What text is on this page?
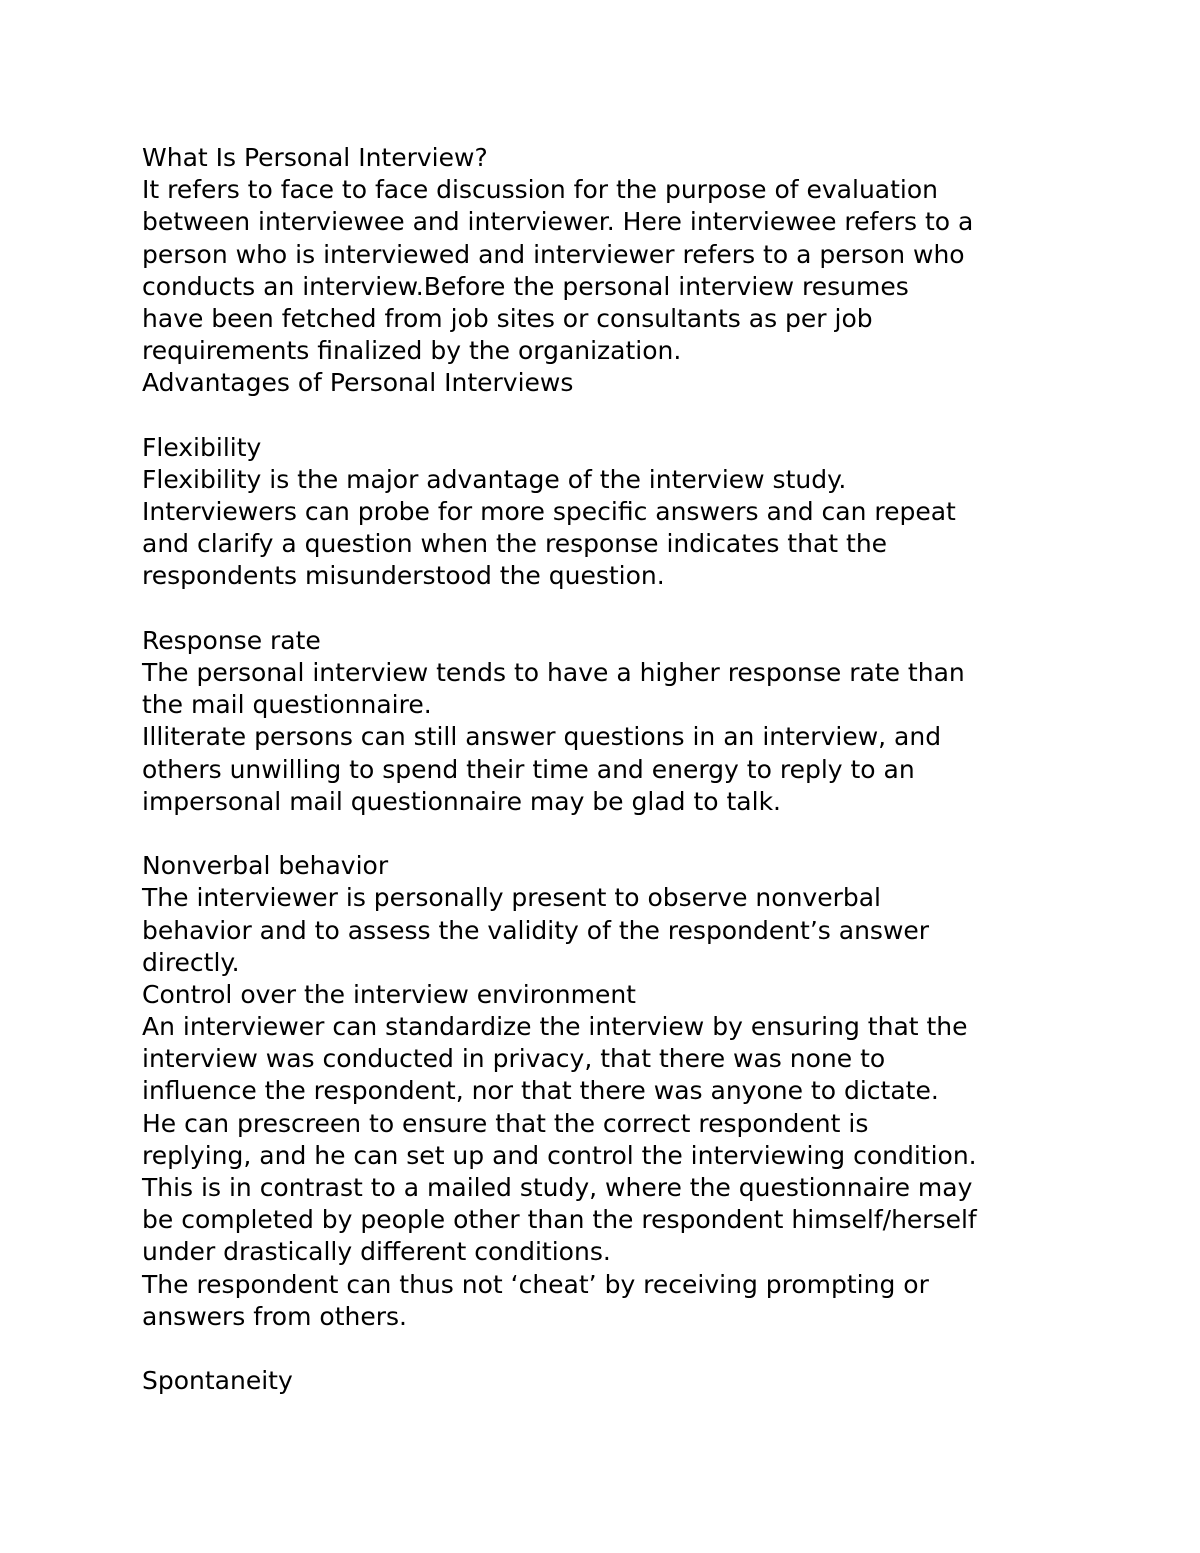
What Is Personal Interview?
It refers to face to face discussion for the purpose of evaluation
between interviewee and interviewer. Here interviewee refers to a
person who is interviewed and interviewer refers to a person who
conducts an interview.Before the personal interview resumes
have been fetched from job sites or consultants as per job
requirements finalized by the organization.
Advantages of Personal Interviews
Flexibility
Flexibility is the major advantage of the interview study.
Interviewers can probe for more specific answers and can repeat
and clarify a question when the response indicates that the
respondents misunderstood the question.
Response rate
The personal interview tends to have a higher response rate than
the mail questionnaire.
Illiterate persons can still answer questions in an interview, and
others unwilling to spend their time and energy to reply to an
impersonal mail questionnaire may be glad to talk.
Nonverbal behavior
The interviewer is personally present to observe nonverbal
behavior and to assess the validity of the respondent’s answer
directly.
Control over the interview environment
An interviewer can standardize the interview by ensuring that the
interview was conducted in privacy, that there was none to
influence the respondent, nor that there was anyone to dictate.
He can prescreen to ensure that the correct respondent is
replying, and he can set up and control the interviewing condition.
This is in contrast to a mailed study, where the questionnaire may
be completed by people other than the respondent himself/herself
under drastically different conditions.
The respondent can thus not ‘cheat’ by receiving prompting or
answers from others.
Spontaneity
